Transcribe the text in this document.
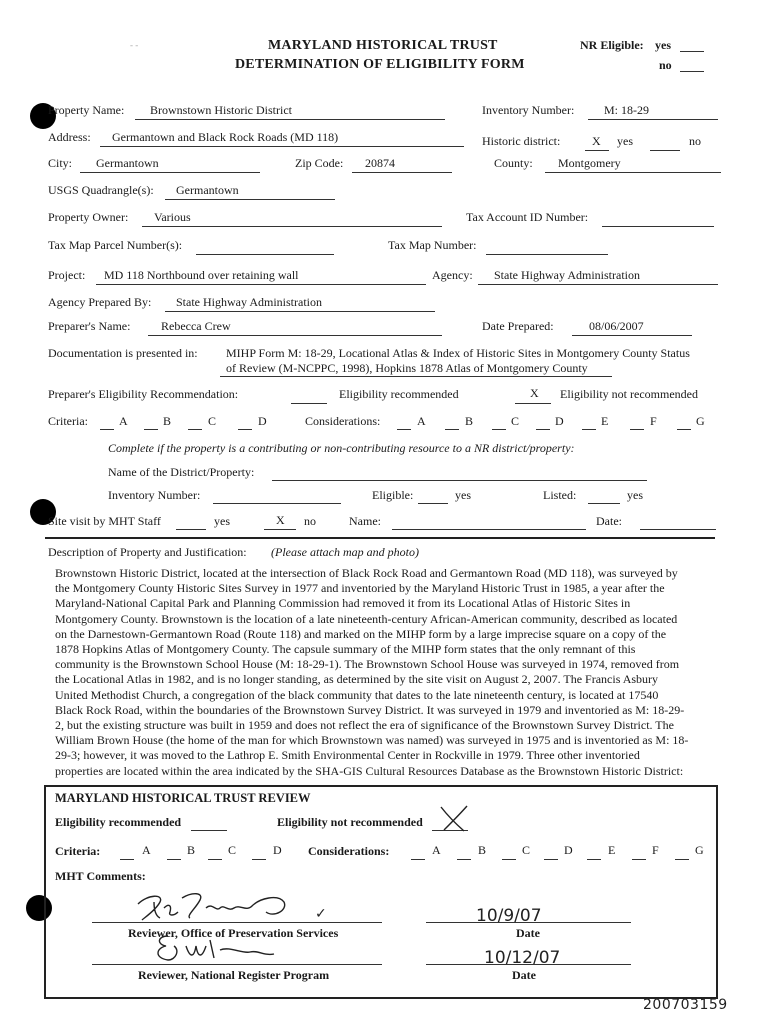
- -	MARYLAND HISTORICAL TRUST
DETERMINATION OF ELIGIBILITY FORM
NR Eligible: yes
no
Property Name: Brownstown Historic District	Inventory Number: M: 18-29
Address: Germantown and Black Rock Roads (MD 118)	Historic district:	X yes	no
City: Germantown	Zip Code: 20874	County: Montgomery
USGS Quadrangle(s): Germantown
Property Owner: Various	Tax Account ID Number:
Tax Map Parcel Number(s):	Tax Map Number:
Project: MD 118 Northbound over retaining wall	Agency: State Highway Administration
Agency Prepared By: State Highway Administration
Preparer's Name:	Rebecca Crew	Date Prepared:	08/06/2007
Documentation is presented in: MIHP Form M: 18-29, Locational Atlas & Index of Historic Sites in Montgomery County Status
of Review (M-NCPPC, 1998), Hopkins 1878 Atlas of Montgomery County
Preparer's Eligibility Recommendation:	Eligibility recommended	X Eligibility not recommended
Criteria:	A	B	C	D	Considerations:	A	B	C	D	E	F	G
Complete if the property is a contributing or non-contributing resource to a NR district/property:
Name of the District/Property:
Inventory Number:	Eligible:	yes	Listed:	yes
Site visit by MHT Staff	yes	X no	Name:	Date:
Description of Property and Justification: (Please attach map and photo)
Brownstown Historic District, located at the intersection of Black Rock Road and Germantown Road (MD 118), was surveyed by
the Montgomery County Historic Sites Survey in 1977 and inventoried by the Maryland Historic Trust in 1985, a year after the
Maryland-National Capital Park and Planning Commission had removed it from its Locational Atlas of Historic Sites in
Montgomery County. Brownstown is the location of a late nineteenth-century African-American community, described as located
on the Darnestown-Germantown Road (Route 118) and marked on the MIHP form by a large imprecise square on a copy of the
1878 Hopkins Atlas of Montgomery County. The capsule summary of the MIHP form states that the only remnant of this
community is the Brownstown School House (M: 18-29-1). The Brownstown School House was surveyed in 1974, removed from
the Locational Atlas in 1982, and is no longer standing, as determined by the site visit on August 2, 2007. The Francis Asbury
United Methodist Church, a congregation of the black community that dates to the late nineteenth century, is located at 17540
Black Rock Road, within the boundaries of the Brownstown Survey District. It was surveyed in 1979 and inventoried as M: 18-29-
2, but the existing structure was built in 1959 and does not reflect the era of significance of the Brownstown Survey District. The
William Brown House (the home of the man for which Brownstown was named) was surveyed in 1975 and is inventoried as M: 18-
29-3; however, it was moved to the Lathrop E. Smith Environmental Center in Rockville in 1979. Three other inventoried
properties are located within the area indicated by the SHA-GIS Cultural Resources Database as the Brownstown Historic District:
MARYLAND HISTORICAL TRUST REVIEW
Eligibility recommended	Eligibility not recommended
Criteria:	A	B	C	D Considerations:	A	B	C	D	E	F	G
MHT Comments:
✓
Reviewer, Office of Preservation Services
10/9/07
Date
Reviewer, National Register Program
10/12/07
Date
200703159
